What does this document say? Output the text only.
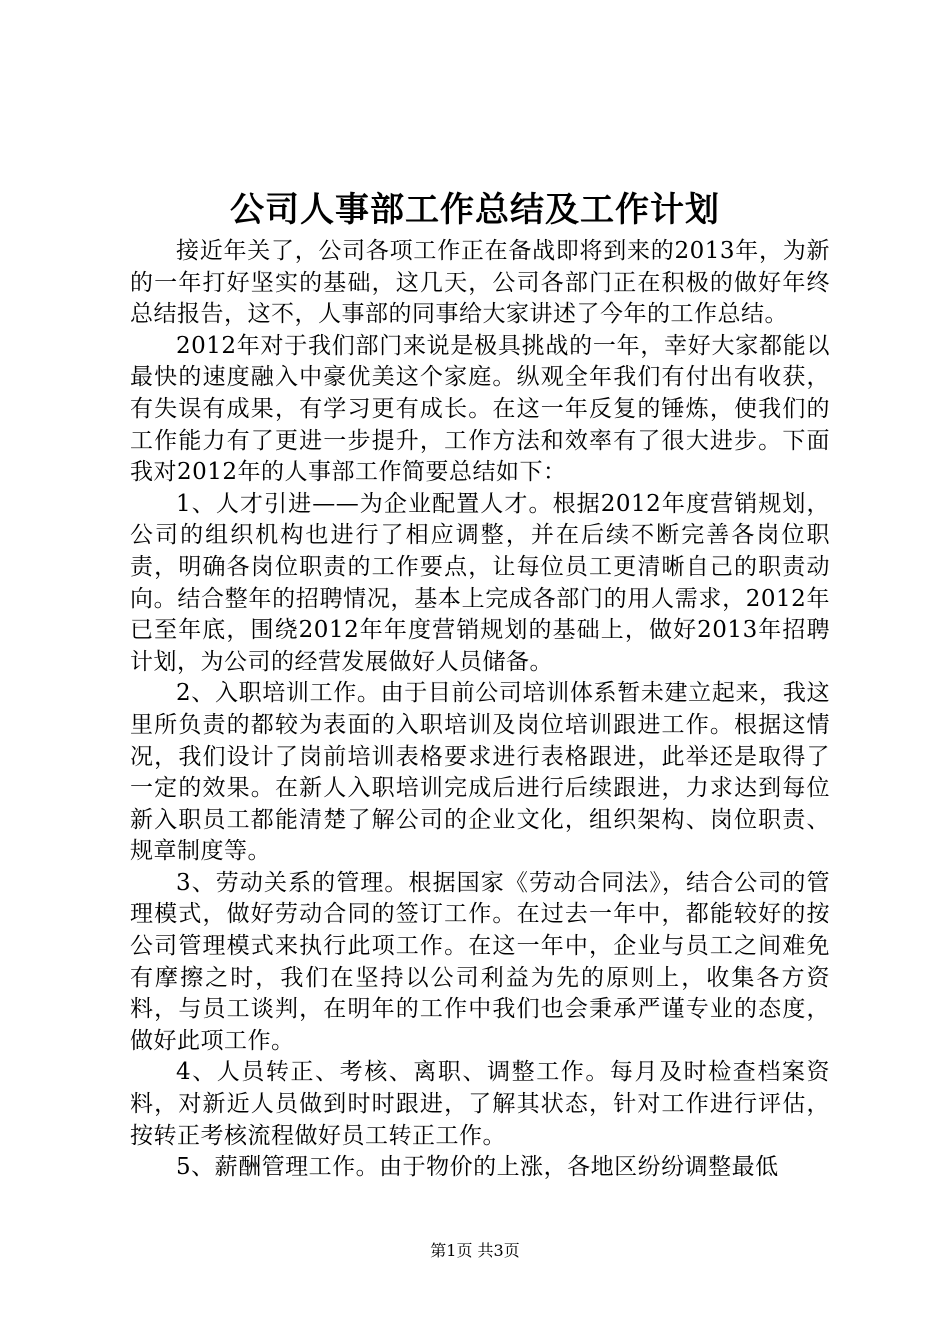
公司人事部工作总结及工作计划

接近年关了，公司各项工作正在备战即将到来的2013年，为新的一年打好坚实的基础，这几天，公司各部门正在积极的做好年终总结报告，这不，人事部的同事给大家讲述了今年的工作总结。

2012年对于我们部门来说是极具挑战的一年，幸好大家都能以最快的速度融入中豪优美这个家庭。纵观全年我们有付出有收获，有失误有成果，有学习更有成长。在这一年反复的锤炼，使我们的工作能力有了更进一步提升，工作方法和效率有了很大进步。下面我对2012年的人事部工作简要总结如下：

1、人才引进——为企业配置人才。根据2012年度营销规划，公司的组织机构也进行了相应调整，并在后续不断完善各岗位职责，明确各岗位职责的工作要点，让每位员工更清晰自己的职责动向。结合整年的招聘情况，基本上完成各部门的用人需求，2012年已至年底，围绕2012年年度营销规划的基础上，做好2013年招聘计划，为公司的经营发展做好人员储备。

2、入职培训工作。由于目前公司培训体系暂未建立起来，我这里所负责的都较为表面的入职培训及岗位培训跟进工作。根据这情况，我们设计了岗前培训表格要求进行表格跟进，此举还是取得了一定的效果。在新人入职培训完成后进行后续跟进，力求达到每位新入职员工都能清楚了解公司的企业文化，组织架构、岗位职责、规章制度等。

3、劳动关系的管理。根据国家《劳动合同法》，结合公司的管理模式，做好劳动合同的签订工作。在过去一年中，都能较好的按公司管理模式来执行此项工作。在这一年中，企业与员工之间难免有摩擦之时，我们在坚持以公司利益为先的原则上，收集各方资料，与员工谈判，在明年的工作中我们也会秉承严谨专业的态度，做好此项工作。

4、人员转正、考核、离职、调整工作。每月及时检查档案资料，对新近人员做到时时跟进，了解其状态，针对工作进行评估，按转正考核流程做好员工转正工作。

5、薪酬管理工作。由于物价的上涨，各地区纷纷调整最低

第1页 共3页
